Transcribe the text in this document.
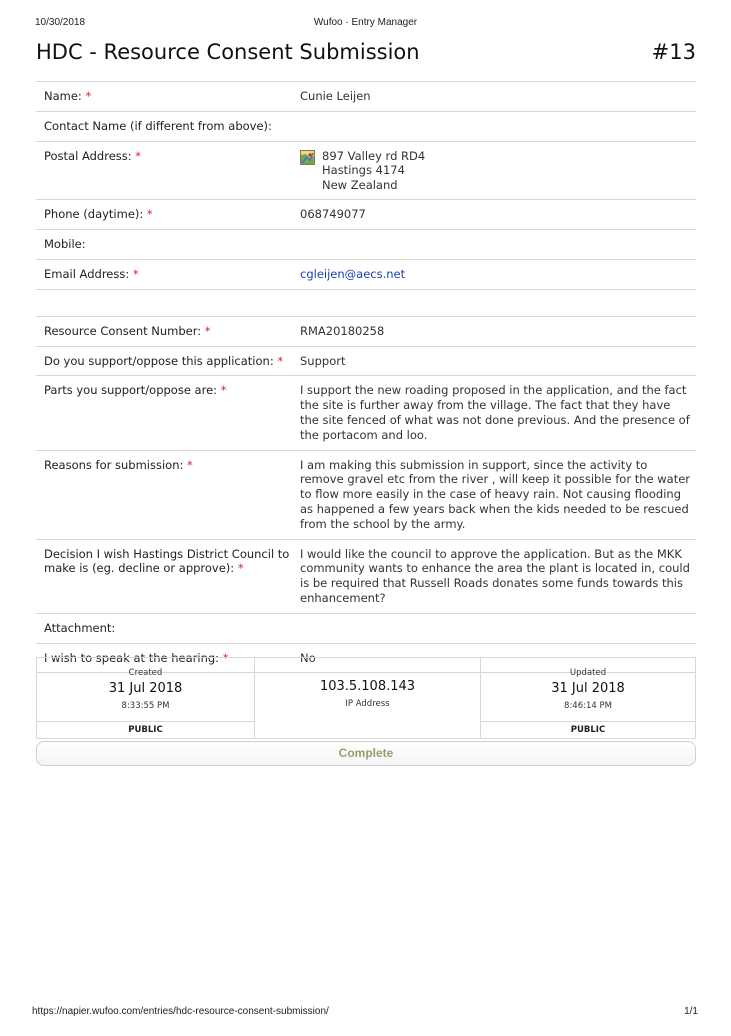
10/30/2018	Wufoo · Entry Manager
HDC - Resource Consent Submission	#13
Name: *	Cunie Leijen
Contact Name (if different from above):
Postal Address: *	897 Valley rd RD4
Hastings 4174
New Zealand
Phone (daytime): *	068749077
Mobile:
Email Address: *	cgleijen@aecs.net
Resource Consent Number: *	RMA20180258
Do you support/oppose this application: *	Support
Parts you support/oppose are: *	I support the new roading proposed in the application, and the fact the site is further away from the village. The fact that they have the site fenced of what was not done previous. And the presence of the portacom and loo.
Reasons for submission: *	I am making this submission in support, since the activity to remove gravel etc from the river , will keep it possible for the water to flow more easily in the case of heavy rain. Not causing flooding as happened a few years back when the kids needed to be rescued from the school by the army.
Decision I wish Hastings District Council to make is (eg. decline or approve): *
I would like the council to approve the application. But as the MKK community wants to enhance the area the plant is located in, could is be required that Russell Roads donates some funds towards this enhancement?
Attachment:
I wish to speak at the hearing: *	No
Created
31 Jul 2018
8:33:55 PM
PUBLIC
103.5.108.143
IP Address
Updated
31 Jul 2018
8:46:14 PM
PUBLIC
Complete
https://napier.wufoo.com/entries/hdc-resource-consent-submission/	1/1
